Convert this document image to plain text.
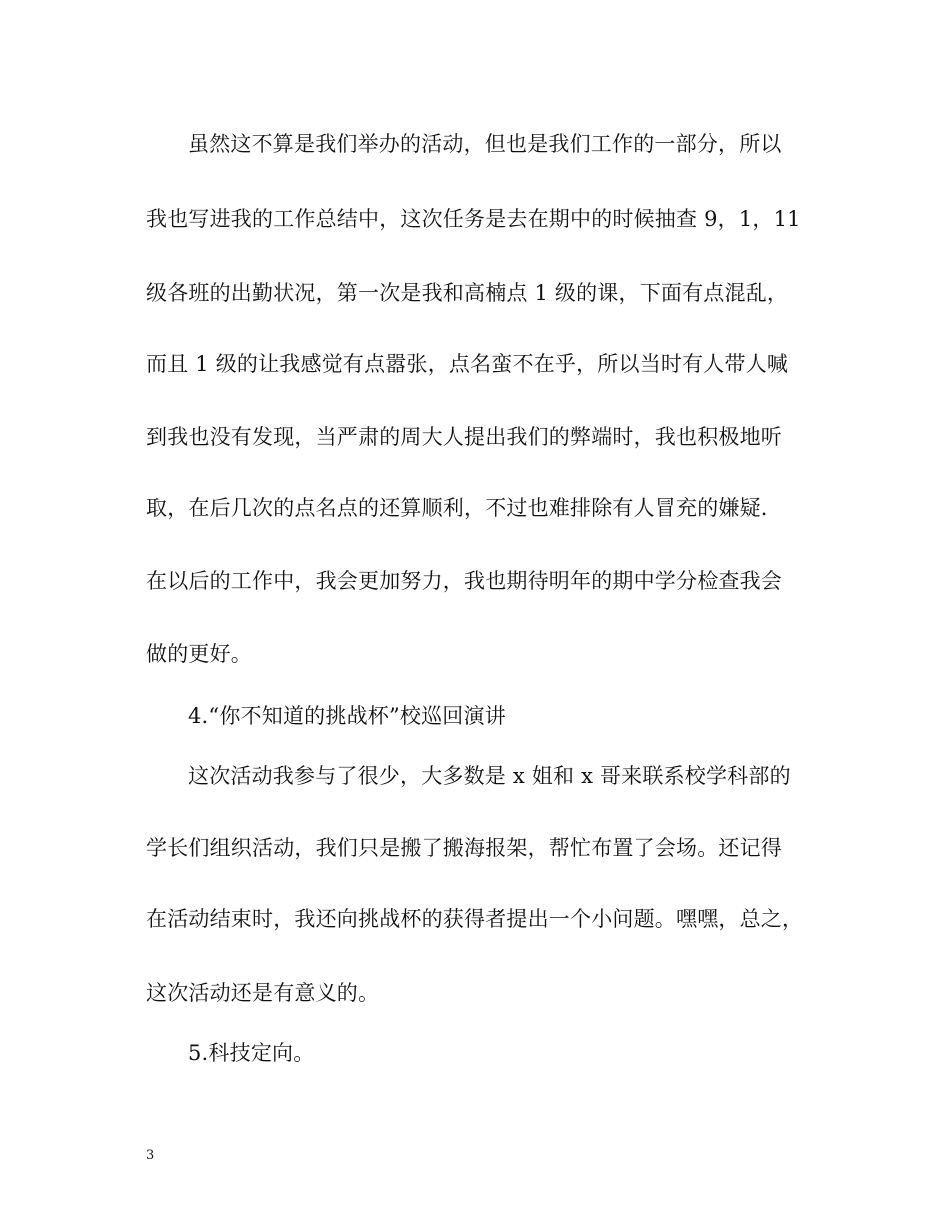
虽然这不算是我们举办的活动，但也是我们工作的一部分，所以
我也写进我的工作总结中，这次任务是去在期中的时候抽查 9，1，11
级各班的出勤状况，第一次是我和高楠点 1 级的课，下面有点混乱，
而且 1 级的让我感觉有点嚣张，点名蛮不在乎，所以当时有人带人喊
到我也没有发现，当严肃的周大人提出我们的弊端时，我也积极地听
取，在后几次的点名点的还算顺利，不过也难排除有人冒充的嫌疑.
在以后的工作中，我会更加努力，我也期待明年的期中学分检查我会
做的更好。
4.“你不知道的挑战杯”校巡回演讲
这次活动我参与了很少，大多数是 x 姐和 x 哥来联系校学科部的
学长们组织活动，我们只是搬了搬海报架，帮忙布置了会场。还记得
在活动结束时，我还向挑战杯的获得者提出一个小问题。嘿嘿，总之，
这次活动还是有意义的。
5.科技定向。
3
